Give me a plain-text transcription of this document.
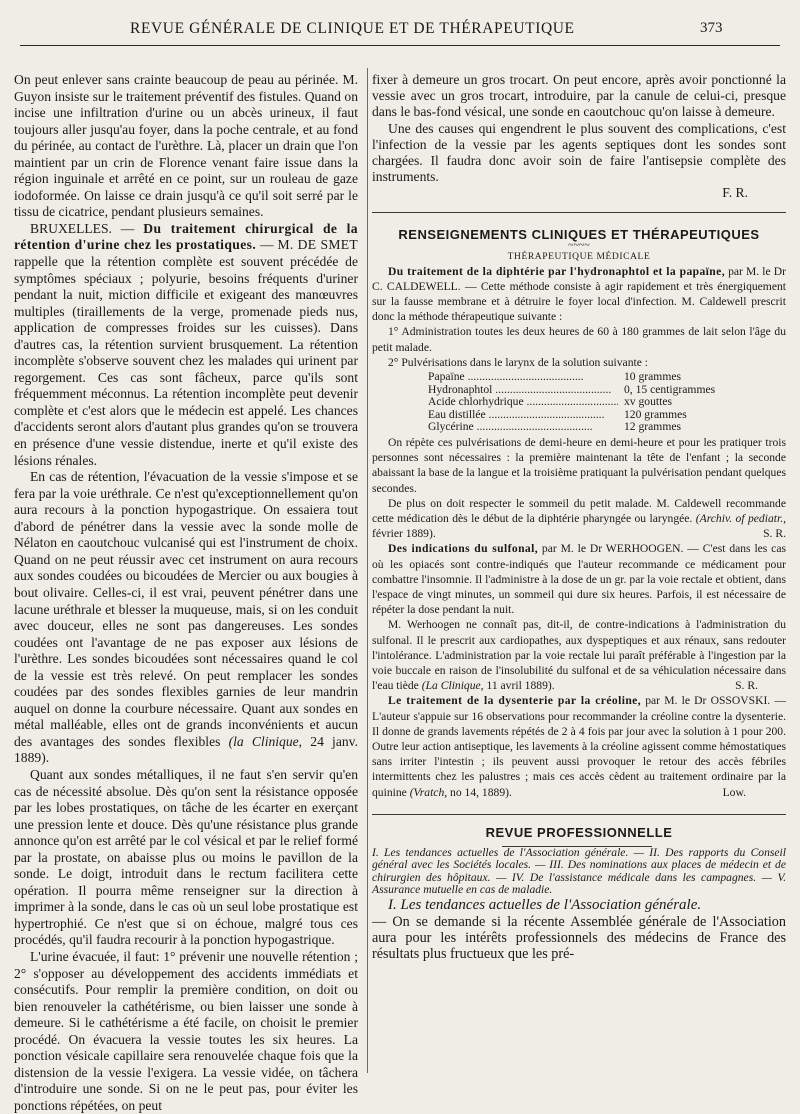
REVUE GÉNÉRALE DE CLINIQUE ET DE THÉRAPEUTIQUE	373

On peut enlever sans crainte beaucoup de peau au périnée. M. Guyon insiste sur le traitement préventif des fistules. Quand on incise une infiltration d'urine ou un abcès urineux, il faut toujours aller jusqu'au foyer, dans la poche centrale, et au fond du périnée, au contact de l'urèthre. Là, placer un drain que l'on maintient par un crin de Florence venant faire issue dans la région inguinale et arrêté en ce point, sur un rouleau de gaze iodoformée. On laisse ce drain jusqu'à ce qu'il soit serré par le tissu de cicatrice, pendant plusieurs semaines.

BRUXELLES. — Du traitement chirurgical de la rétention d'urine chez les prostatiques. — M. DE SMET rappelle que la rétention complète est souvent précédée de symptômes spéciaux ; polyurie, besoins fréquents d'uriner pendant la nuit, miction difficile et exigeant des manœuvres multiples (tiraillements de la verge, promenade pieds nus, application de compresses froides sur les cuisses). Dans d'autres cas, la rétention survient brusquement. La rétention incomplète s'observe souvent chez les malades qui urinent par regorgement. Ces cas sont fâcheux, parce qu'ils sont fréquemment méconnus. La rétention incomplète peut devenir complète et c'est alors que le médecin est appelé. Les chances d'accidents seront alors d'autant plus grandes qu'on se trouvera en présence d'une vessie distendue, inerte et qu'il existe des lésions rénales.

En cas de rétention, l'évacuation de la vessie s'impose et se fera par la voie uréthrale. Ce n'est qu'exceptionnellement qu'on aura recours à la ponction hypogastrique. On essaiera tout d'abord de pénétrer dans la vessie avec la sonde molle de Nélaton en caoutchouc vulcanisé qui est l'instrument de choix. Quand on ne peut réussir avec cet instrument on aura recours aux sondes coudées ou bicoudées de Mercier ou aux bougies à bout olivaire. Celles-ci, il est vrai, peuvent pénétrer dans une lacune uréthrale et blesser la muqueuse, mais, si on les conduit avec douceur, elles ne sont pas dangereuses. Les sondes coudées ont l'avantage de ne pas exposer aux lésions de l'urèthre. Les sondes bicoudées sont nécessaires quand le col de la vessie est très relevé. On peut remplacer les sondes coudées par des sondes flexibles garnies de leur mandrin auquel on donne la courbure nécessaire. Quant aux sondes en métal malléable, elles ont de grands inconvénients et aucun des avantages des sondes flexibles (la Clinique, 24 janv. 1889).

Quant aux sondes métalliques, il ne faut s'en servir qu'en cas de nécessité absolue. Dès qu'on sent la résistance opposée par les lobes prostatiques, on tâche de les écarter en exerçant une pression lente et douce. Dès qu'une résistance plus grande annonce qu'on est arrêté par le col vésical et par le relief formé par la prostate, on abaisse plus ou moins le pavillon de la sonde. Le doigt, introduit dans le rectum facilitera cette opération. Il pourra même renseigner sur la direction à imprimer à la sonde, dans le cas où un seul lobe prostatique est hypertrophié. Ce n'est que si on échoue, malgré tous ces procédés, qu'il faudra recourir à la ponction hypogastrique.

L'urine évacuée, il faut: 1° prévenir une nouvelle rétention ; 2° s'opposer au développement des accidents immédiats et consécutifs. Pour remplir la première condition, on doit ou bien renouveler la cathétérisme, ou bien laisser une sonde à demeure. Si le cathétérisme a été facile, on choisit le premier procédé. On évacuera la vessie toutes les six heures. La ponction vésicale capillaire sera renouvelée chaque fois que la distension de la vessie l'exigera. La vessie vidée, on tâchera d'introduire une sonde. Si on ne le peut pas, pour éviter les ponctions répétées, on peut

fixer à demeure un gros trocart. On peut encore, après avoir ponctionné la vessie avec un gros trocart, introduire, par la canule de celui-ci, presque dans le bas-fond vésical, une sonde en caoutchouc qu'on laisse à demeure.

Une des causes qui engendrent le plus souvent des complications, c'est l'infection de la vessie par les agents septiques dont les sondes sont chargées. Il faudra donc avoir soin de faire l'antisepsie complète des instruments.

F. R.

RENSEIGNEMENTS CLINIQUES ET THÉRAPEUTIQUES
~~~~
THÉRAPEUTIQUE MÉDICALE

Du traitement de la diphtérie par l'hydronaphtol et la papaïne, par M. le Dr C. CALDEWELL. — Cette méthode consiste à agir rapidement et très énergiquement sur la fausse membrane et à détruire le foyer local d'infection. M. Caldewell prescrit donc la méthode thérapeutique suivante :

1° Administration toutes les deux heures de 60 à 180 grammes de lait selon l'âge du petit malade.

2° Pulvérisations dans le larynx de la solution suivante :

Papaïne .....	10 grammes
Hydronaphtol .....	0, 15 centigrammes
Acide chlorhydrique .....	xv gouttes
Eau distillée .....	120 grammes
Glycérine .....	12 grammes

On répète ces pulvérisations de demi-heure en demi-heure et pour les pratiquer trois personnes sont nécessaires : la première maintenant la tête de l'enfant ; la seconde abaissant la base de la langue et la troisième pratiquant la pulvérisation pendant quelques secondes.

De plus on doit respecter le sommeil du petit malade. M. Caldewell recommande cette médication dès le début de la diphtérie pharyngée ou laryngée. (Archiv. of pediatr., février 1889).	S. R.

Des indications du sulfonal, par M. le Dr WERHOOGEN. — C'est dans les cas où les opiacés sont contre-indiqués que l'auteur recommande ce médicament pour combattre l'insomnie. Il l'administre à la dose de un gr. par la voie rectale et obtient, dans l'espace de vingt minutes, un sommeil qui dure six heures. Parfois, il est nécessaire de répéter la dose pendant la nuit.

M. Werhoogen ne connaît pas, dit-il, de contre-indications à l'administration du sulfonal. Il le prescrit aux cardiopathes, aux dyspeptiques et aux rénaux, sans redouter l'intolérance. L'administration par la voie rectale lui paraît préférable à l'ingestion par la voie buccale en raison de l'insolubilité du sulfonal et de sa véhiculation nécessaire dans l'eau tiède (La Clinique, 11 avril 1889).	S. R.

Le traitement de la dysenterie par la créoline, par M. le Dr OSSOVSKI. — L'auteur s'appuie sur 16 observations pour recommander la créoline contre la dysenterie. Il donne de grands lavements répétés de 2 à 4 fois par jour avec la solution à 1 pour 200. Outre leur action antiseptique, les lavements à la créoline agissent comme hémostatiques sans irriter l'intestin ; ils peuvent aussi provoquer le retour des accès fébriles intermittents chez les palustres ; mais ces accès cèdent au traitement ordinaire par la quinine (Vratch, no 14, 1889).	Low.

REVUE PROFESSIONNELLE

I. Les tendances actuelles de l'Association générale. — II. Des rapports du Conseil général avec les Sociétés locales. — III. Des nominations aux places de médecin et de chirurgien des hôpitaux. — IV. De l'assistance médicale dans les campagnes. — V. Assurance mutuelle en cas de maladie.

I. Les tendances actuelles de l'Association générale.

— On se demande si la récente Assemblée générale de l'Association aura pour les intérêts professionnels des médecins de France des résultats plus fructueux que les pré-
